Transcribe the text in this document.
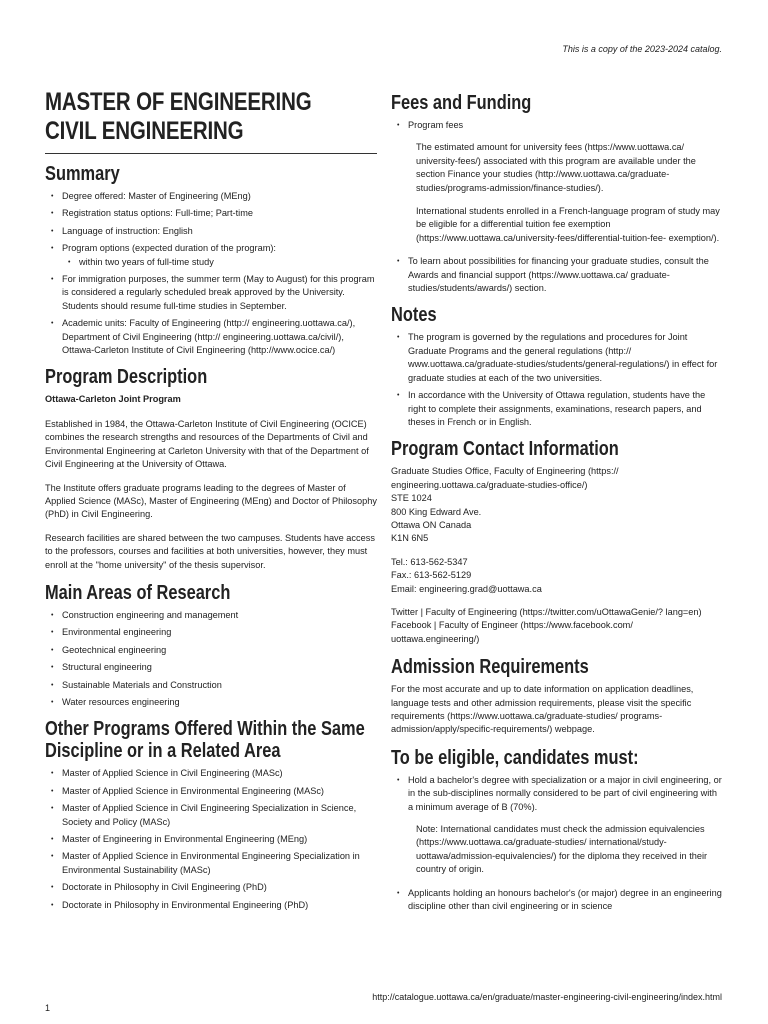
This is a copy of the 2023-2024 catalog.
MASTER OF ENGINEERING
CIVIL ENGINEERING
Summary
• Degree offered: Master of Engineering (MEng)
• Registration status options: Full-time; Part-time
• Language of instruction: English
• Program options (expected duration of the program):
• within two years of full-time study
• For immigration purposes, the summer term (May to August) for this program is considered a regularly scheduled break approved by the University. Students should resume full-time studies in September.
• Academic units: Faculty of Engineering (http:// engineering.uottawa.ca/), Department of Civil Engineering (http:// engineering.uottawa.ca/civil/), Ottawa-Carleton Institute of Civil Engineering (http://www.ocice.ca/)
Program Description

Ottawa-Carleton Joint Program

Established in 1984, the Ottawa-Carleton Institute of Civil Engineering (OCICE) combines the research strengths and resources of the Departments of Civil and Environmental Engineering at Carleton University with that of the Department of Civil Engineering at the University of Ottawa.

The Institute offers graduate programs leading to the degrees of Master of Applied Science (MASc), Master of Engineering (MEng) and Doctor of Philosophy (PhD) in Civil Engineering.

Research facilities are shared between the two campuses. Students have access to the professors, courses and facilities at both universities, however, they must enroll at the "home university" of the thesis supervisor.

Main Areas of Research
• Construction engineering and management
• Environmental engineering
• Geotechnical engineering
• Structural engineering
• Sustainable Materials and Construction
• Water resources engineering
Other Programs Offered Within the Same
Discipline or in a Related Area
• Master of Applied Science in Civil Engineering (MASc)
• Master of Applied Science in Environmental Engineering (MASc)
• Master of Applied Science in Civil Engineering Specialization in Science, Society and Policy (MASc)
• Master of Engineering in Environmental Engineering (MEng)
• Master of Applied Science in Environmental Engineering Specialization in Environmental Sustainability (MASc)
• Doctorate in Philosophy in Civil Engineering (PhD)
• Doctorate in Philosophy in Environmental Engineering (PhD)
Fees and Funding
• Program fees

The estimated amount for university fees (https://www.uottawa.ca/ university-fees/) associated with this program are available under the section Finance your studies (http://www.uottawa.ca/graduate- studies/programs-admission/finance-studies/).

International students enrolled in a French-language program of study may be eligible for a differential tuition fee exemption (https://www.uottawa.ca/university-fees/differential-tuition-fee- exemption/).

• To learn about possibilities for financing your graduate studies, consult the Awards and financial support (https://www.uottawa.ca/ graduate-studies/students/awards/) section.
Notes
• The program is governed by the regulations and procedures for Joint Graduate Programs and the general regulations (http:// www.uottawa.ca/graduate-studies/students/general-regulations/) in effect for graduate studies at each of the two universities.
• In accordance with the University of Ottawa regulation, students have the right to complete their assignments, examinations, research papers, and theses in French or in English.
Program Contact Information

Graduate Studies Office, Faculty of Engineering (https:// engineering.uottawa.ca/graduate-studies-office/)

STE 1024

800 King Edward Ave.

Ottawa ON Canada

K1N 6N5

Tel.: 613-562-5347

Fax.: 613-562-5129

Email: engineering.grad@uottawa.ca

Twitter | Faculty of Engineering (https://twitter.com/uOttawaGenie/? lang=en)

Facebook | Faculty of Engineer (https://www.facebook.com/ uottawa.engineering/)

Admission Requirements

For the most accurate and up to date information on application deadlines, language tests and other admission requirements, please visit the specific requirements (https://www.uottawa.ca/graduate-studies/ programs-admission/apply/specific-requirements/) webpage.

To be eligible, candidates must:
• Hold a bachelor's degree with specialization or a major in civil engineering, or in the sub-disciplines normally considered to be part of civil engineering with a minimum average of B (70%).

Note: International candidates must check the admission equivalencies (https://www.uottawa.ca/graduate-studies/ international/study-uottawa/admission-equivalencies/) for the diploma they received in their country of origin.

• Applicants holding an honours bachelor's (or major) degree in an engineering discipline other than civil engineering or in science
http://catalogue.uottawa.ca/en/graduate/master-engineering-civil-engineering/index.html
1
